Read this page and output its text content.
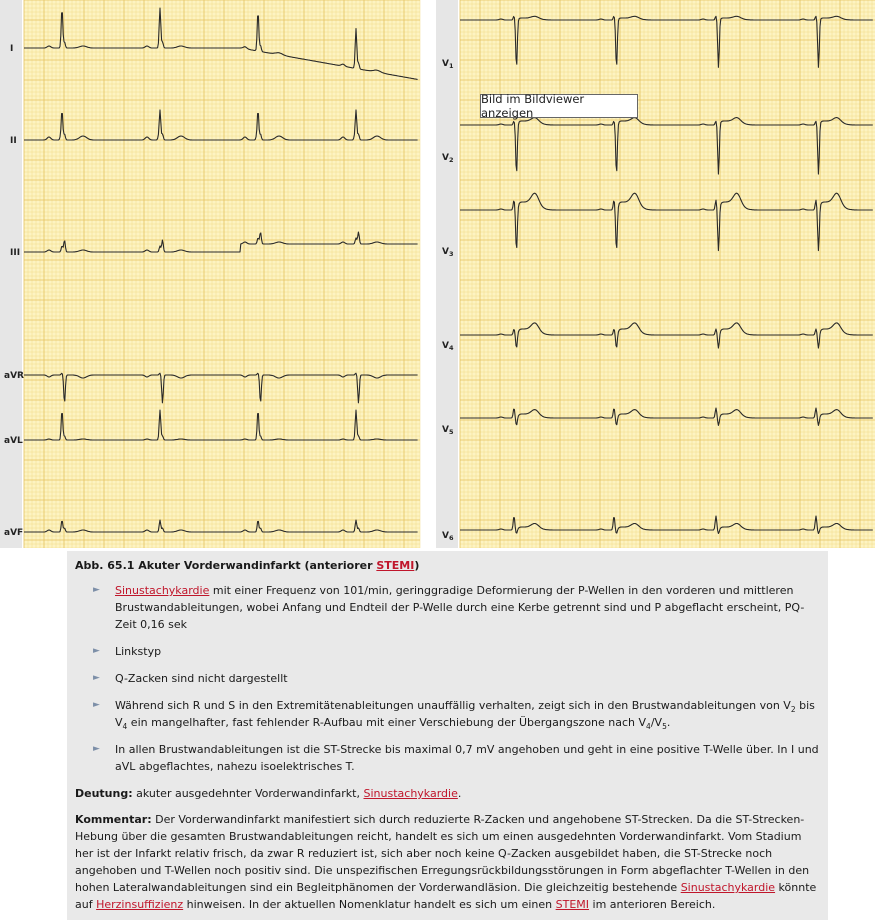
I
II
III
aVR
aVL
aVF
$V_1$
$V_2$
$V_3$
$V_4$
$V_5$
$V_6$
Bild im Bildviewer anzeigen
Abb. 65.1 Akuter Vorderwandinfarkt (anteriorer STEMI)
► Sinustachykardie mit einer Frequenz von 101/min, geringgradige Deformierung der P-Wellen in den vorderen und mittleren Brustwandableitungen, wobei Anfang und Endteil der P-Welle durch eine Kerbe getrennt sind und P abgeflacht erscheint, PQ-Zeit 0,16 sek
► Linkstyp
► Q-Zacken sind nicht dargestellt
► Während sich R und S in den Extremitätenableitungen unauffällig verhalten, zeigt sich in den Brustwandableitungen von $V_2$ bis $V_4$ ein mangelhafter, fast fehlender R-Aufbau mit einer Verschiebung der Übergangszone nach $V_4/V_5$.
► In allen Brustwandableitungen ist die ST-Strecke bis maximal 0,7 mV angehoben und geht in eine positive T-Welle über. In I und aVL abgeflachtes, nahezu isoelektrisches T.

Deutung: akuter ausgedehnter Vorderwandinfarkt, Sinustachykardie.

Kommentar: Der Vorderwandinfarkt manifestiert sich durch reduzierte R-Zacken und angehobene ST-Strecken. Da die ST-Strecken-Hebung über die gesamten Brustwandableitungen reicht, handelt es sich um einen ausgedehnten Vorderwandinfarkt. Vom Stadium her ist der Infarkt relativ frisch, da zwar R reduziert ist, sich aber noch keine Q-Zacken ausgebildet haben, die ST-Strecke noch angehoben und T-Wellen noch positiv sind. Die unspezifischen Erregungsrückbildungsstörungen in Form abgeflachter T-Wellen in den hohen Lateralwandableitungen sind ein Begleitphänomen der Vorderwandläsion. Die gleichzeitig bestehende Sinustachykardie könnte auf Herzinsuffizienz hinweisen. In der aktuellen Nomenklatur handelt es sich um einen STEMI im anterioren Bereich.
